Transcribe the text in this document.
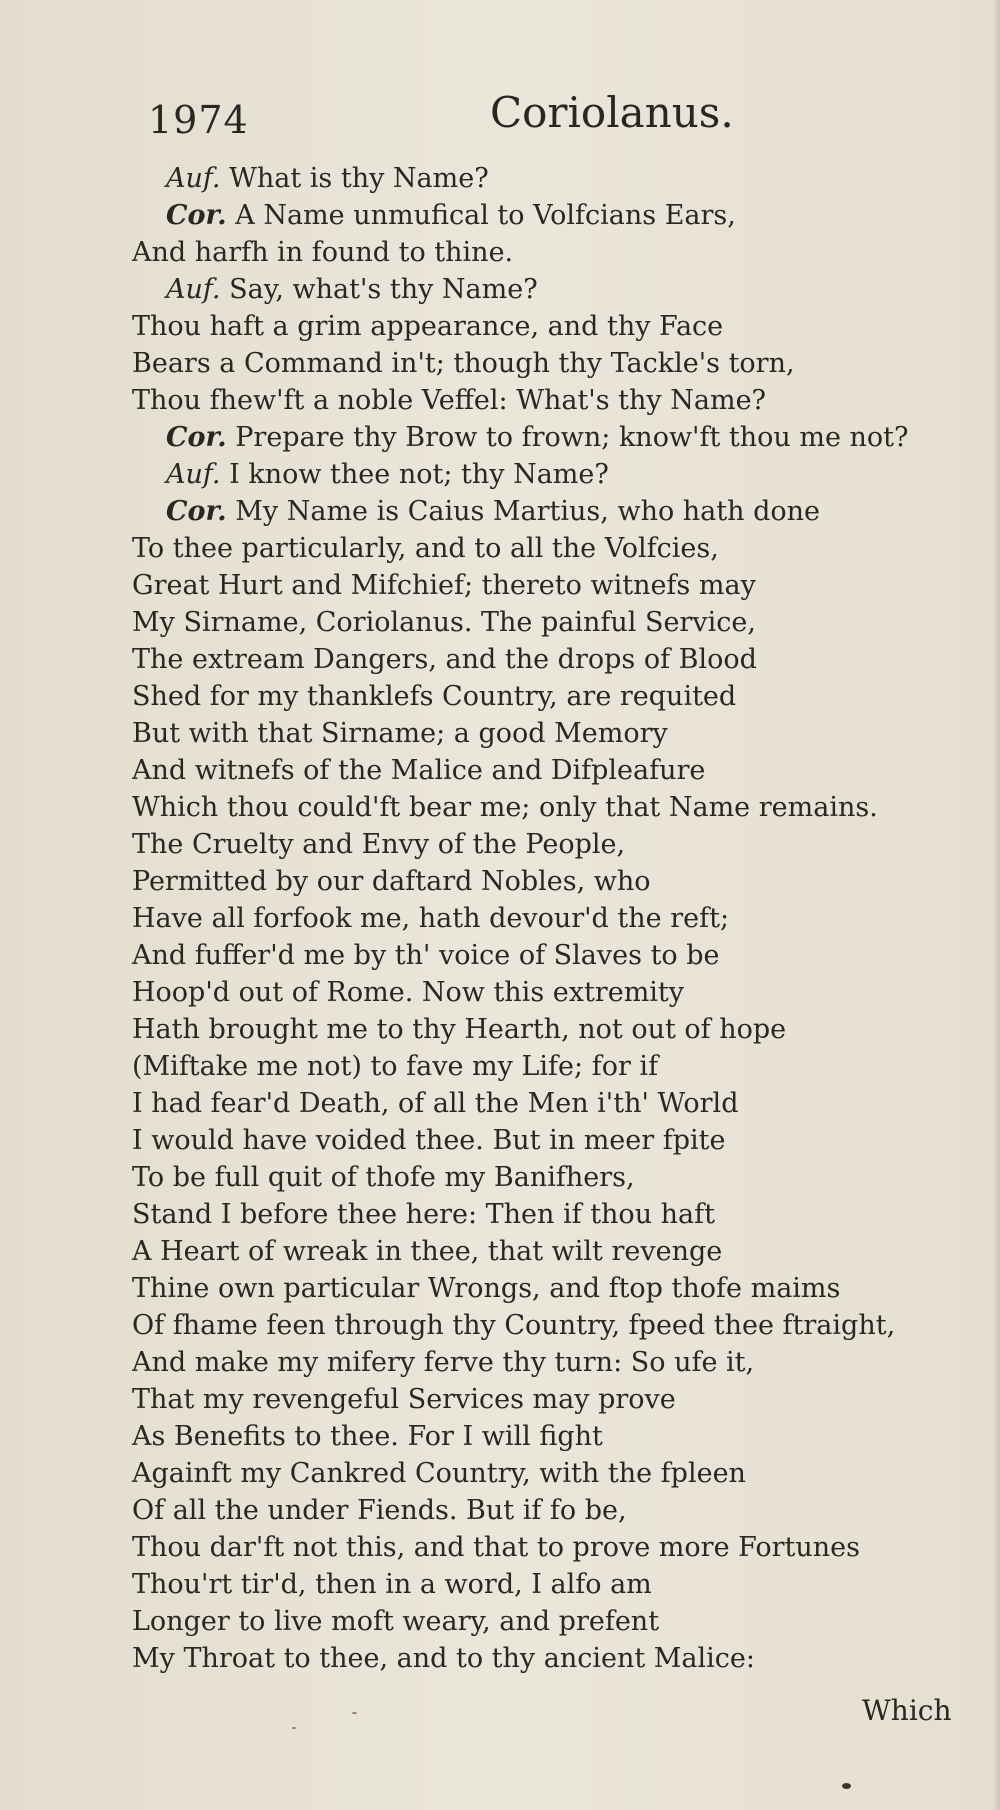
1974	Coriolanus.
Auf. What is thy Name?
Cor. A Name unmufical to Volfcians Ears,
And harfh in found to thine.
Auf. Say, what's thy Name?
Thou haft a grim appearance, and thy Face
Bears a Command in't; though thy Tackle's torn,
Thou fhew'ft a noble Veffel: What's thy Name?
Cor. Prepare thy Brow to frown; know'ft thou me not?
Auf. I know thee not; thy Name?
Cor. My Name is Caius Martius, who hath done
To thee particularly, and to all the Volfcies,
Great Hurt and Mifchief; thereto witnefs may
My Sirname, Coriolanus. The painful Service,
The extream Dangers, and the drops of Blood
Shed for my thanklefs Country, are requited
But with that Sirname; a good Memory
And witnefs of the Malice and Difpleafure
Which thou could'ft bear me; only that Name remains.
The Cruelty and Envy of the People,
Permitted by our daftard Nobles, who
Have all forfook me, hath devour'd the reft;
And fuffer'd me by th' voice of Slaves to be
Hoop'd out of Rome. Now this extremity
Hath brought me to thy Hearth, not out of hope
(Miftake me not) to fave my Life; for if
I had fear'd Death, of all the Men i'th' World
I would have voided thee. But in meer fpite
To be full quit of thofe my Banifhers,
Stand I before thee here: Then if thou haft
A Heart of wreak in thee, that wilt revenge
Thine own particular Wrongs, and ftop thofe maims
Of fhame feen through thy Country, fpeed thee ftraight,
And make my mifery ferve thy turn: So ufe it,
That my revengeful Services may prove
As Benefits to thee. For I will fight
Againft my Cankred Country, with the fpleen
Of all the under Fiends. But if fo be,
Thou dar'ft not this, and that to prove more Fortunes
Thou'rt tir'd, then in a word, I alfo am
Longer to live moft weary, and prefent
My Throat to thee, and to thy ancient Malice:
Which
